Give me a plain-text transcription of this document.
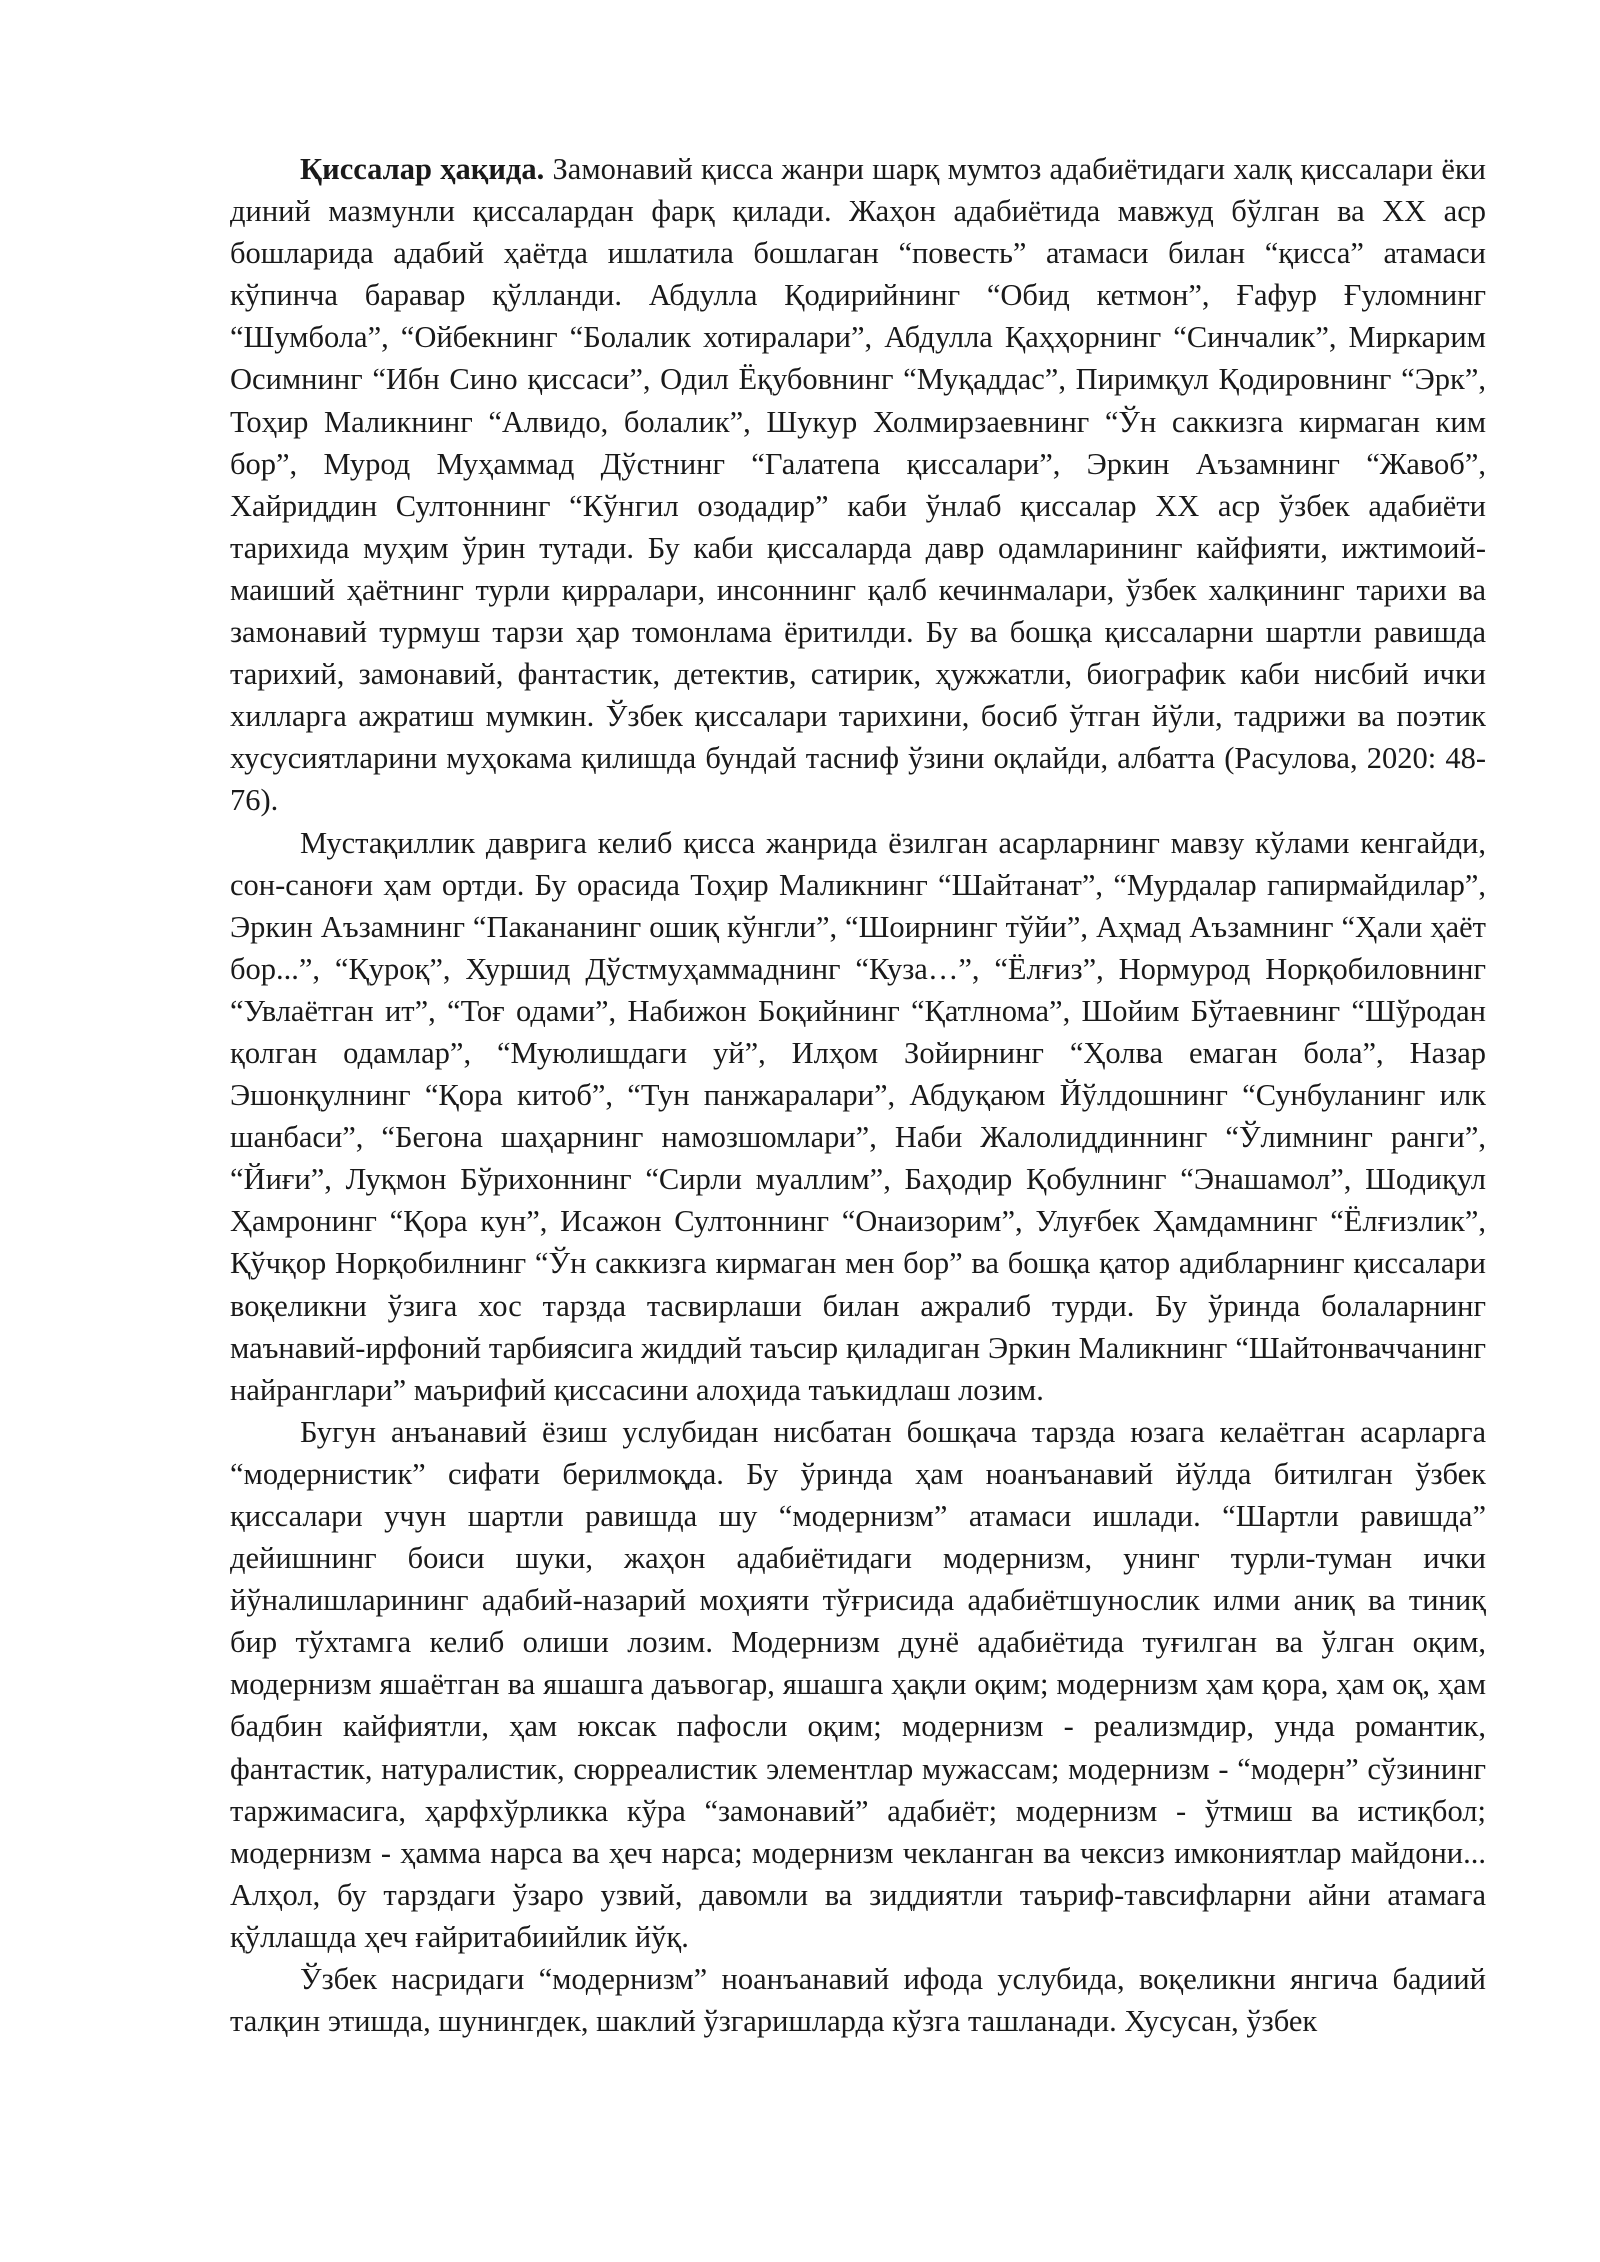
Қиссалар ҳақида. Замонавий қисса жанри шарқ мумтоз адабиётидаги халқ қиссалари ёки диний мазмунли қиссалардан фарқ қилади. Жаҳон адабиётида мавжуд бўлган ва XX аср бошларида адабий ҳаётда ишлатила бошлаган “повесть” атамаси билан “қисса” атамаси кўпинча баравар қўлланди. Абдулла Қодирийнинг “Обид кетмон”, Ғафур Ғуломнинг “Шумбола”, “Ойбекнинг “Болалик хотиралари”, Абдулла Қаҳҳорнинг “Синчалик”, Миркарим Осимнинг “Ибн Сино қиссаси”, Одил Ёқубовнинг “Муқаддас”, Пиримқул Қодировнинг “Эрк”, Тоҳир Маликнинг “Алвидо, болалик”, Шукур Холмирзаевнинг “Ўн саккизга кирмаган ким бор”, Мурод Муҳаммад Дўстнинг “Галатепа қиссалари”, Эркин Аъзамнинг “Жавоб”, Хайриддин Султоннинг “Кўнгил озодадир” каби ўнлаб қиссалар XX аср ўзбек адабиёти тарихида муҳим ўрин тутади. Бу каби қиссаларда давр одамларининг кайфияти, ижтимоий-маиший ҳаётнинг турли қирралари, инсоннинг қалб кечинмалари, ўзбек халқининг тарихи ва замонавий турмуш тарзи ҳар томонлама ёритилди. Бу ва бошқа қиссаларни шартли равишда тарихий, замонавий, фантастик, детектив, сатирик, ҳужжатли, биографик каби нисбий ички хилларга ажратиш мумкин. Ўзбек қиссалари тарихини, босиб ўтган йўли, тадрижи ва поэтик хусусиятларини муҳокама қилишда бундай тасниф ўзини оқлайди, албатта (Расулова, 2020: 48-76).

Мустақиллик даврига келиб қисса жанрида ёзилган асарларнинг мавзу кўлами кенгайди, сон-саноғи ҳам ортди. Бу орасида Тоҳир Маликнинг “Шайтанат”, “Мурдалар гапирмайдилар”, Эркин Аъзамнинг “Пакананинг ошиқ кўнгли”, “Шоирнинг тўйи”, Аҳмад Аъзамнинг “Ҳали ҳаёт бор...”, “Қуроқ”, Хуршид Дўстмуҳаммаднинг “Куза…”, “Ёлғиз”, Нормурод Норқобиловнинг “Увлаётган ит”, “Тоғ одами”, Набижон Боқийнинг “Қатлнома”, Шойим Бўтаевнинг “Шўродан қолган одамлар”, “Муюлишдаги уй”, Илҳом Зойирнинг “Ҳолва емаган бола”, Назар Эшонқулнинг “Қора китоб”, “Тун панжаралари”, Абдуқаюм Йўлдошнинг “Сунбуланинг илк шанбаси”, “Бегона шаҳарнинг намозшомлари”, Наби Жалолиддиннинг “Ўлимнинг ранги”, “Йиғи”, Луқмон Бўрихоннинг “Сирли муаллим”, Баҳодир Қобулнинг “Энашамол”, Шодиқул Ҳамронинг “Қора кун”, Исажон Султоннинг “Онаизорим”, Улуғбек Ҳамдамнинг “Ёлғизлик”, Қўчқор Норқобилнинг “Ўн саккизга кирмаган мен бор” ва бошқа қатор адибларнинг қиссалари воқеликни ўзига хос тарзда тасвирлаши билан ажралиб турди. Бу ўринда болаларнинг маънавий-ирфоний тарбиясига жиддий таъсир қиладиган Эркин Маликнинг “Шайтонваччанинг найранглари” маърифий қиссасини алоҳида таъкидлаш лозим.

Бугун анъанавий ёзиш услубидан нисбатан бошқача тарзда юзага келаётган асарларга “модернистик” сифати берилмоқда. Бу ўринда ҳам ноанъанавий йўлда битилган ўзбек қиссалари учун шартли равишда шу “модернизм” атамаси ишлади. “Шартли равишда” дейишнинг боиси шуки, жаҳон адабиётидаги модернизм, унинг турли-туман ички йўналишларининг адабий-назарий моҳияти тўғрисида адабиётшунослик илми аниқ ва тиниқ бир тўхтамга келиб олиши лозим. Модернизм дунё адабиётида туғилган ва ўлган оқим, модернизм яшаётган ва яшашга даъвогар, яшашга ҳақли оқим; модернизм ҳам қора, ҳам оқ, ҳам бадбин кайфиятли, ҳам юксак пафосли оқим; модернизм - реализмдир, унда романтик, фантастик, натуралистик, сюрреалистик элементлар мужассам; модернизм - “модерн” сўзининг таржимасига, ҳарфхўрликка кўра “замонавий” адабиёт; модернизм - ўтмиш ва истиқбол; модернизм - ҳамма нарса ва ҳеч нарса; модернизм чекланган ва чексиз имкониятлар майдони... Алҳол, бу тарздаги ўзаро узвий, давомли ва зиддиятли таъриф-тавсифларни айни атамага қўллашда ҳеч ғайритабиийлик йўқ.

Ўзбек насридаги “модернизм” ноанъанавий ифода услубида, воқеликни янгича бадиий талқин этишда, шунингдек, шаклий ўзгаришларда кўзга ташланади. Хусусан, ўзбек
